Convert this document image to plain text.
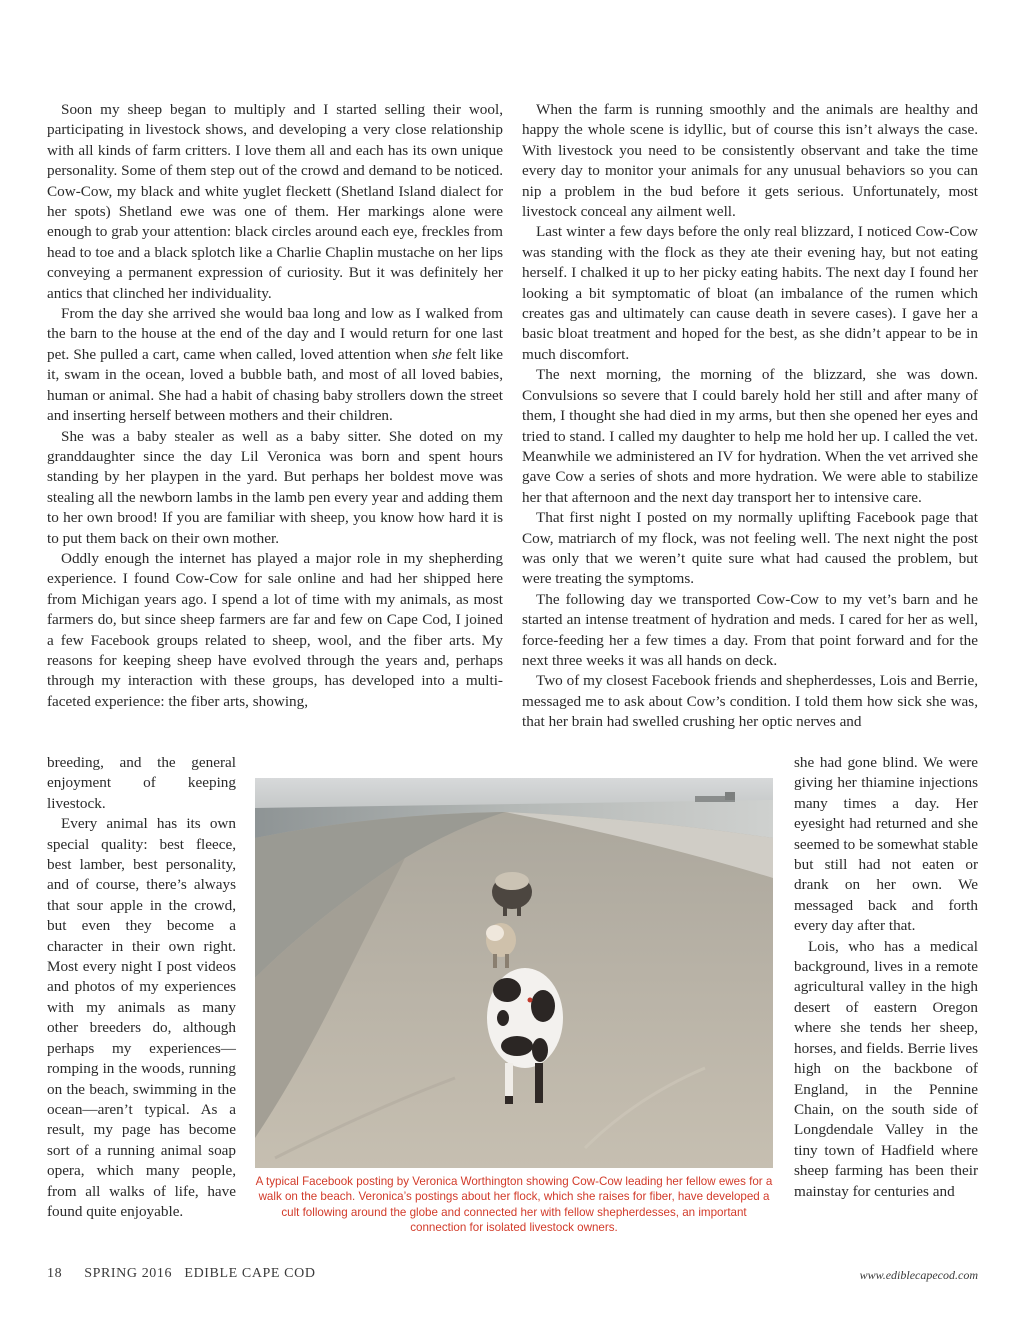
Soon my sheep began to multiply and I started selling their wool, participating in livestock shows, and developing a very close relationship with all kinds of farm critters. I love them all and each has its own unique personality. Some of them step out of the crowd and demand to be noticed. Cow-Cow, my black and white yuglet fleckett (Shetland Island dialect for her spots) Shetland ewe was one of them. Her markings alone were enough to grab your attention: black circles around each eye, freckles from head to toe and a black splotch like a Charlie Chaplin mustache on her lips conveying a permanent expression of curiosity. But it was definitely her antics that clinched her individuality.

From the day she arrived she would baa long and low as I walked from the barn to the house at the end of the day and I would return for one last pet. She pulled a cart, came when called, loved attention when she felt like it, swam in the ocean, loved a bubble bath, and most of all loved babies, human or animal. She had a habit of chasing baby strollers down the street and inserting herself between mothers and their children.

She was a baby stealer as well as a baby sitter. She doted on my granddaughter since the day Lil Veronica was born and spent hours standing by her playpen in the yard. But perhaps her boldest move was stealing all the newborn lambs in the lamb pen every year and adding them to her own brood! If you are familiar with sheep, you know how hard it is to put them back on their own mother.

Oddly enough the internet has played a major role in my shepherding experience. I found Cow-Cow for sale online and had her shipped here from Michigan years ago. I spend a lot of time with my animals, as most farmers do, but since sheep farmers are far and few on Cape Cod, I joined a few Facebook groups related to sheep, wool, and the fiber arts. My reasons for keeping sheep have evolved through the years and, perhaps through my interaction with these groups, has developed into a multi-faceted experience: the fiber arts, showing,

breeding, and the general enjoyment of keeping livestock.

Every animal has its own special quality: best fleece, best lamber, best personality, and of course, there’s always that sour apple in the crowd, but even they become a character in their own right. Most every night I post videos and photos of my experiences with my animals as many other breeders do, although perhaps my experiences—romping in the woods, running on the beach, swimming in the ocean—aren’t typical. As a result, my page has become sort of a running animal soap opera, which many people, from all walks of life, have found quite enjoyable.

When the farm is running smoothly and the animals are healthy and happy the whole scene is idyllic, but of course this isn’t always the case. With livestock you need to be consistently observant and take the time every day to monitor your animals for any unusual behaviors so you can nip a problem in the bud before it gets serious. Unfortunately, most livestock conceal any ailment well.

Last winter a few days before the only real blizzard, I noticed Cow-Cow was standing with the flock as they ate their evening hay, but not eating herself. I chalked it up to her picky eating habits. The next day I found her looking a bit symptomatic of bloat (an imbalance of the rumen which creates gas and ultimately can cause death in severe cases). I gave her a basic bloat treatment and hoped for the best, as she didn’t appear to be in much discomfort.

The next morning, the morning of the blizzard, she was down. Convulsions so severe that I could barely hold her still and after many of them, I thought she had died in my arms, but then she opened her eyes and tried to stand. I called my daughter to help me hold her up. I called the vet. Meanwhile we administered an IV for hydration. When the vet arrived she gave Cow a series of shots and more hydration. We were able to stabilize her that afternoon and the next day transport her to intensive care.

That first night I posted on my normally uplifting Facebook page that Cow, matriarch of my flock, was not feeling well. The next night the post was only that we weren’t quite sure what had caused the problem, but were treating the symptoms.

The following day we transported Cow-Cow to my vet’s barn and he started an intense treatment of hydration and meds. I cared for her as well, force-feeding her a few times a day. From that point forward and for the next three weeks it was all hands on deck.

Two of my closest Facebook friends and shepherdesses, Lois and Berrie, messaged me to ask about Cow’s condition. I told them how sick she was, that her brain had swelled crushing her optic nerves and

she had gone blind. We were giving her thiamine injections many times a day. Her eyesight had returned and she seemed to be somewhat stable but still had not eaten or drank on her own. We messaged back and forth every day after that.

Lois, who has a medical background, lives in a remote agricultural valley in the high desert of eastern Oregon where she tends her sheep, horses, and fields. Berrie lives high on the backbone of England, in the Pennine Chain, on the south side of Longdendale Valley in the tiny town of Hadfield where sheep farming has been their mainstay for centuries and

A typical Facebook posting by Veronica Worthington showing Cow-Cow leading her fellow ewes for a walk on the beach. Veronica’s postings about her flock, which she raises for fiber, have developed a cult following around the globe and connected her with fellow shepherdesses, an important connection for isolated livestock owners.
18 SPRING 2016 EDIBLE CAPE COD	www.ediblecapecod.com
